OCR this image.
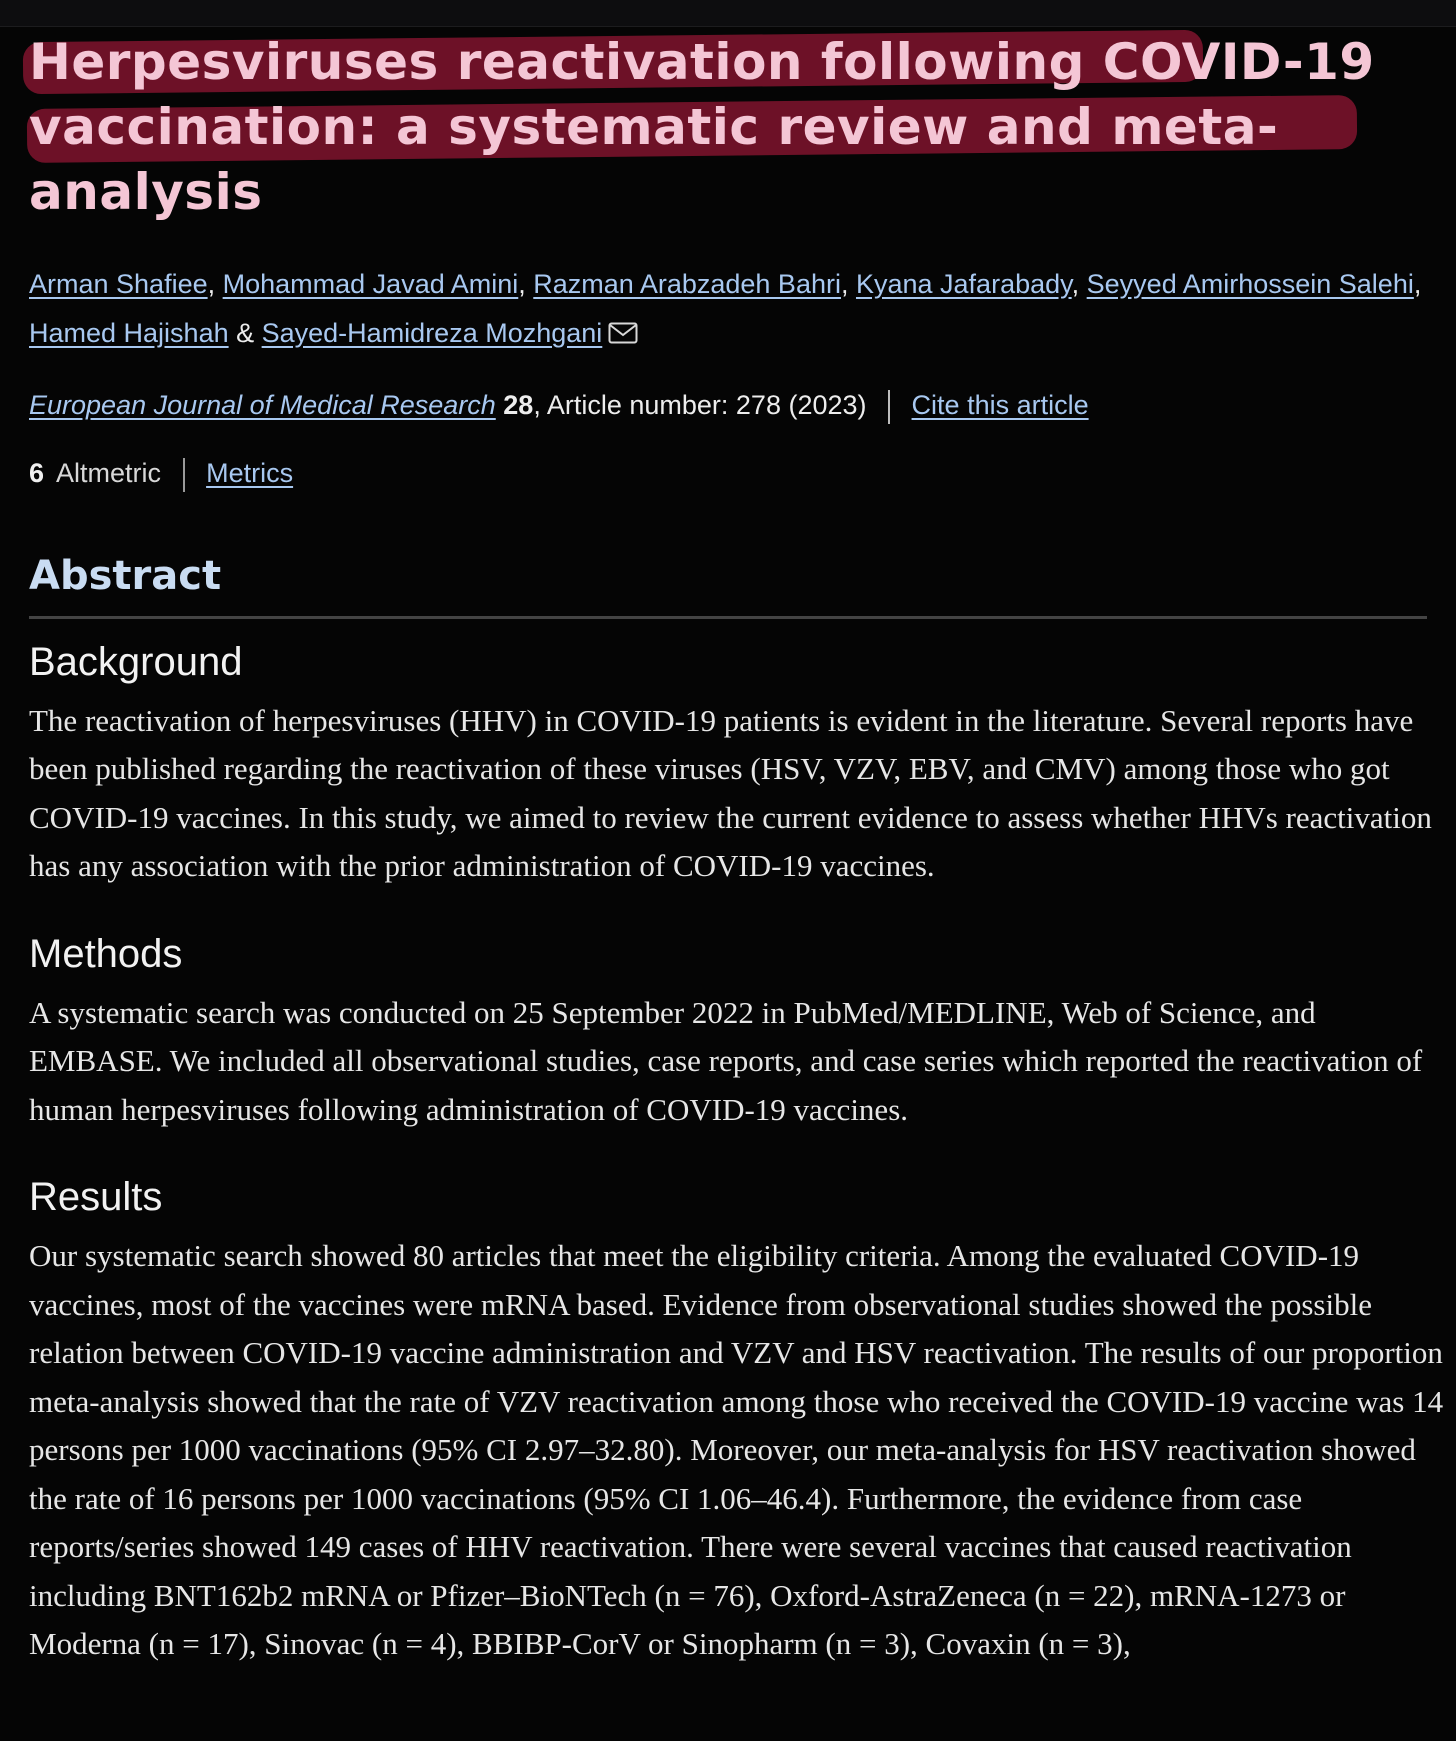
Herpesviruses reactivation following COVID-19
vaccination: a systematic review and meta-analysis
Arman Shafiee, Mohammad Javad Amini, Razman Arabzadeh Bahri, Kyana Jafarabady, Seyyed Amirhossein Salehi, Hamed Hajishah & Sayed-Hamidreza Mozhgani
European Journal of Medical Research 28, Article number: 278 (2023) Cite this article
6 Altmetric Metrics
Abstract
Background

The reactivation of herpesviruses (HHV) in COVID-19 patients is evident in the literature. Several reports have been published regarding the reactivation of these viruses (HSV, VZV, EBV, and CMV) among those who got COVID-19 vaccines. In this study, we aimed to review the current evidence to assess whether HHVs reactivation has any association with the prior administration of COVID-19 vaccines.

Methods

A systematic search was conducted on 25 September 2022 in PubMed/MEDLINE, Web of Science, and EMBASE. We included all observational studies, case reports, and case series which reported the reactivation of human herpesviruses following administration of COVID-19 vaccines.

Results

Our systematic search showed 80 articles that meet the eligibility criteria. Among the evaluated COVID-19 vaccines, most of the vaccines were mRNA based. Evidence from observational studies showed the possible relation between COVID-19 vaccine administration and VZV and HSV reactivation. The results of our proportion meta-analysis showed that the rate of VZV reactivation among those who received the COVID-19 vaccine was 14 persons per 1000 vaccinations (95% CI 2.97–32.80). Moreover, our meta-analysis for HSV reactivation showed the rate of 16 persons per 1000 vaccinations (95% CI 1.06–46.4). Furthermore, the evidence from case reports/series showed 149 cases of HHV reactivation. There were several vaccines that caused reactivation including BNT162b2 mRNA or Pfizer–BioNTech (n = 76), Oxford-AstraZeneca (n = 22), mRNA-1273 or Moderna (n = 17), Sinovac (n = 4), BBIBP-CorV or Sinopharm (n = 3), Covaxin (n = 3),
